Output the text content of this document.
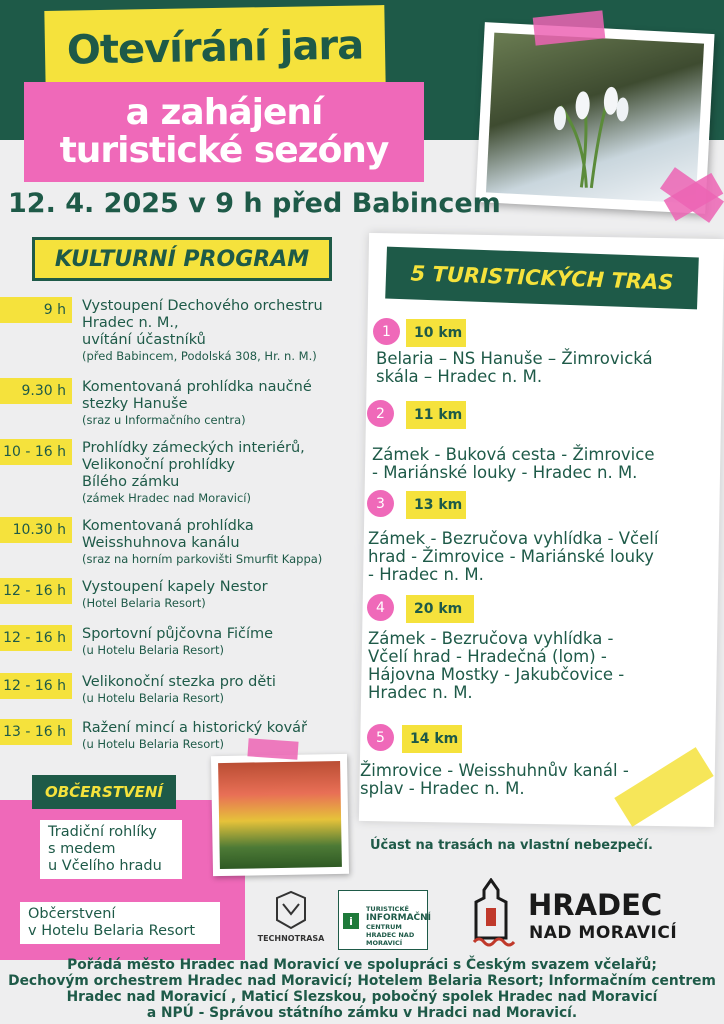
Otevírání jara
a zahájení
turistické sezóny
12. 4. 2025 v 9 h před Babincem
KULTURNÍ PROGRAM
9 h	Vystoupení Dechového orchestru
Hradec n. M.,
uvítání účastníků
(před Babincem, Podolská 308, Hr. n. M.)
9.30 h	Komentovaná prohlídka naučné
stezky Hanuše
(sraz u Informačního centra)
10 - 16 h	Prohlídky zámeckých interiérů,
Velikonoční prohlídky
Bílého zámku
(zámek Hradec nad Moravicí)
10.30 h	Komentovaná prohlídka
Weisshuhnova kanálu
(sraz na horním parkovišti Smurfit Kappa)
12 - 16 h	Vystoupení kapely Nestor
(Hotel Belaria Resort)
12 - 16 h	Sportovní půjčovna Fičíme
(u Hotelu Belaria Resort)
12 - 16 h	Velikonoční stezka pro děti
(u Hotelu Belaria Resort)
13 - 16 h	Ražení mincí a historický kovář
(u Hotelu Belaria Resort)
5 TURISTICKÝCH TRAS
1	10 km
Belaria – NS Hanuše – Žimrovická
skála – Hradec n. M.
2	11 km
Zámek - Buková cesta - Žimrovice
- Mariánské louky - Hradec n. M.
3	13 km
Zámek - Bezručova vyhlídka - Včelí
hrad - Žimrovice - Mariánské louky
- Hradec n. M.
4	20 km
Zámek - Bezručova vyhlídka -
Včelí hrad - Hradečná (lom) -
Hájovna Mostky - Jakubčovice -
Hradec n. M.
5	14 km
Žimrovice - Weisshuhnův kanál -
splav - Hradec n. M.
OBČERSTVENÍ
Tradiční rohlíky
s medem
u Včelího hradu
Občerstvení
v Hotelu Belaria Resort
Účast na trasách na vlastní nebezpečí.
TECHNOTRASA
i
TURISTICKÉ
INFORMAČNÍ
CENTRUM
HRADEC NAD MORAVICÍ
HRADEC
NAD MORAVICÍ
Pořádá město Hradec nad Moravicí ve spolupráci s Českým svazem včelařů;
Dechovým orchestrem Hradec nad Moravicí; Hotelem Belaria Resort; Informačním centrem
Hradec nad Moravicí , Maticí Slezskou, pobočný spolek Hradec nad Moravicí
a NPÚ - Správou státního zámku v Hradci nad Moravicí.
